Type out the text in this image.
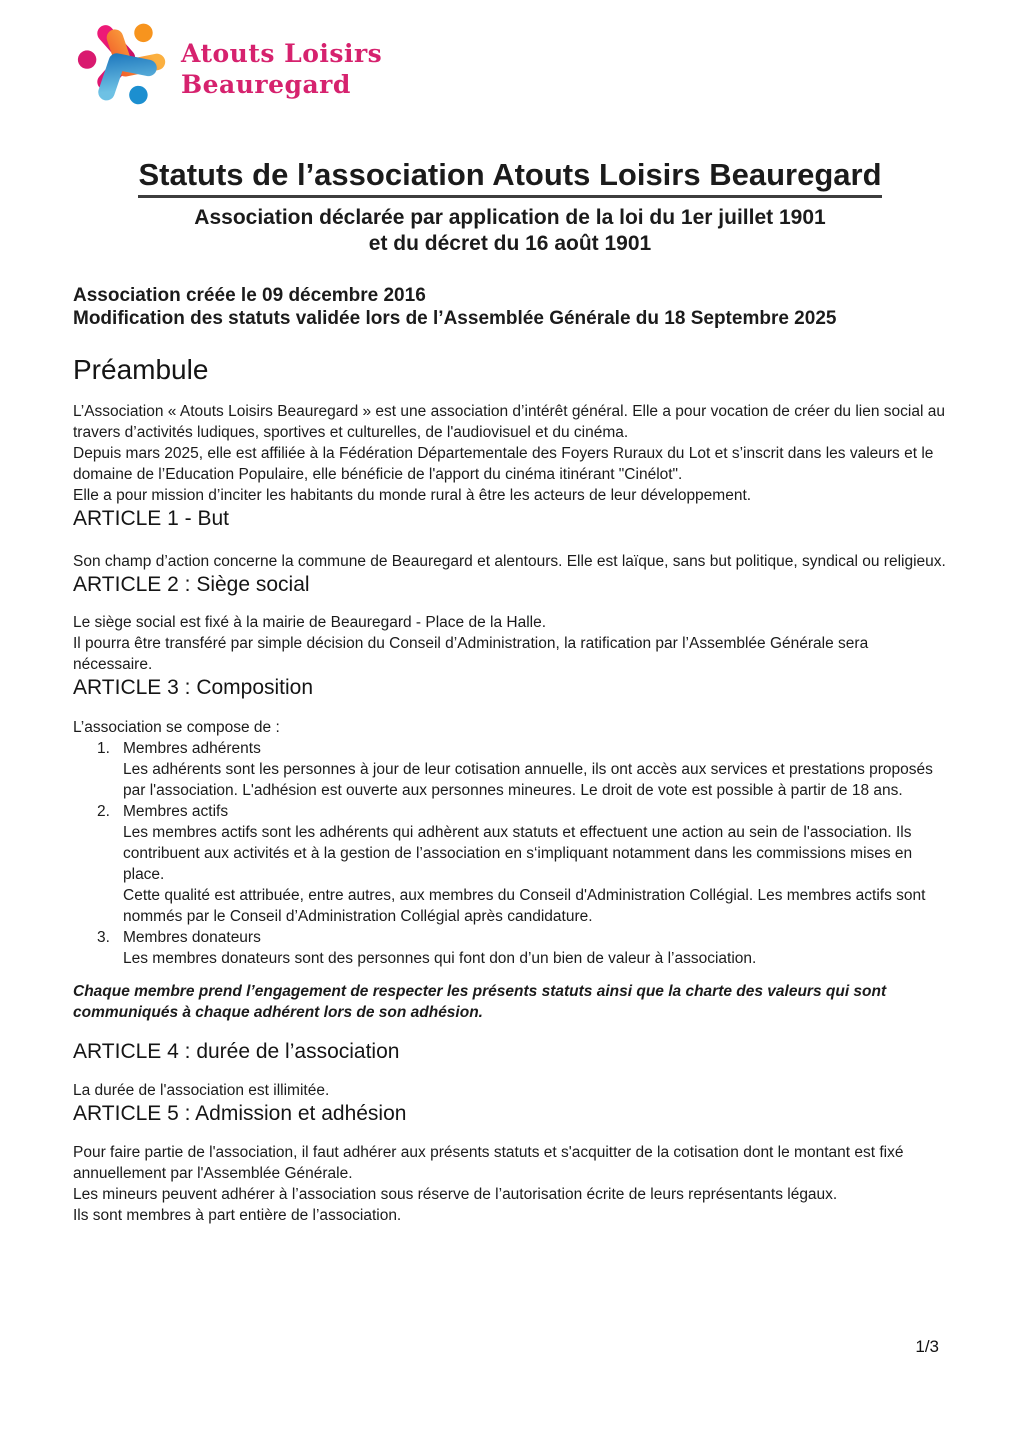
Atouts Loisirs
Beauregard
Statuts de l’association Atouts Loisirs Beauregard
Association déclarée par application de la loi du 1er juillet 1901
et du décret du 16 août 1901
Association créée le 09 décembre 2016
Modification des statuts validée lors de l’Assemblée Générale du 18 Septembre 2025
Préambule

L’Association « Atouts Loisirs Beauregard » est une association d’intérêt général. Elle a pour vocation de créer du lien social au travers d’activités ludiques, sportives et culturelles, de l'audiovisuel et du cinéma.

Depuis mars 2025, elle est affiliée à la Fédération Départementale des Foyers Ruraux du Lot et s’inscrit dans les valeurs et le domaine de l’Education Populaire, elle bénéficie de l'apport du cinéma itinérant "Cinélot".

Elle a pour mission d’inciter les habitants du monde rural à être les acteurs de leur développement.

ARTICLE 1 - But

Son champ d’action concerne la commune de Beauregard et alentours. Elle est laïque, sans but politique, syndical ou religieux.

ARTICLE 2 : Siège social

Le siège social est fixé à la mairie de Beauregard - Place de la Halle.

Il pourra être transféré par simple décision du Conseil d’Administration, la ratification par l’Assemblée Générale sera nécessaire.

ARTICLE 3 : Composition

L’association se compose de :

1. Membres adhérents

Les adhérents sont les personnes à jour de leur cotisation annuelle, ils ont accès aux services et prestations proposés par l'association. L'adhésion est ouverte aux personnes mineures. Le droit de vote est possible à partir de 18 ans.

2. Membres actifs

Les membres actifs sont les adhérents qui adhèrent aux statuts et effectuent une action au sein de l'association. Ils contribuent aux activités et à la gestion de l’association en s‘impliquant notamment dans les commissions mises en place.

Cette qualité est attribuée, entre autres, aux membres du Conseil d'Administration Collégial. Les membres actifs sont nommés par le Conseil d’Administration Collégial après candidature.

3. Membres donateurs

Les membres donateurs sont des personnes qui font don d’un bien de valeur à l’association.

Chaque membre prend l’engagement de respecter les présents statuts ainsi que la charte des valeurs qui sont communiqués à chaque adhérent lors de son adhésion.

ARTICLE 4 : durée de l’association

La durée de l'association est illimitée.

ARTICLE 5 : Admission et adhésion

Pour faire partie de l'association, il faut adhérer aux présents statuts et s'acquitter de la cotisation dont le montant est fixé annuellement par l'Assemblée Générale.

Les mineurs peuvent adhérer à l’association sous réserve de l’autorisation écrite de leurs représentants légaux.

Ils sont membres à part entière de l’association.

1/3
